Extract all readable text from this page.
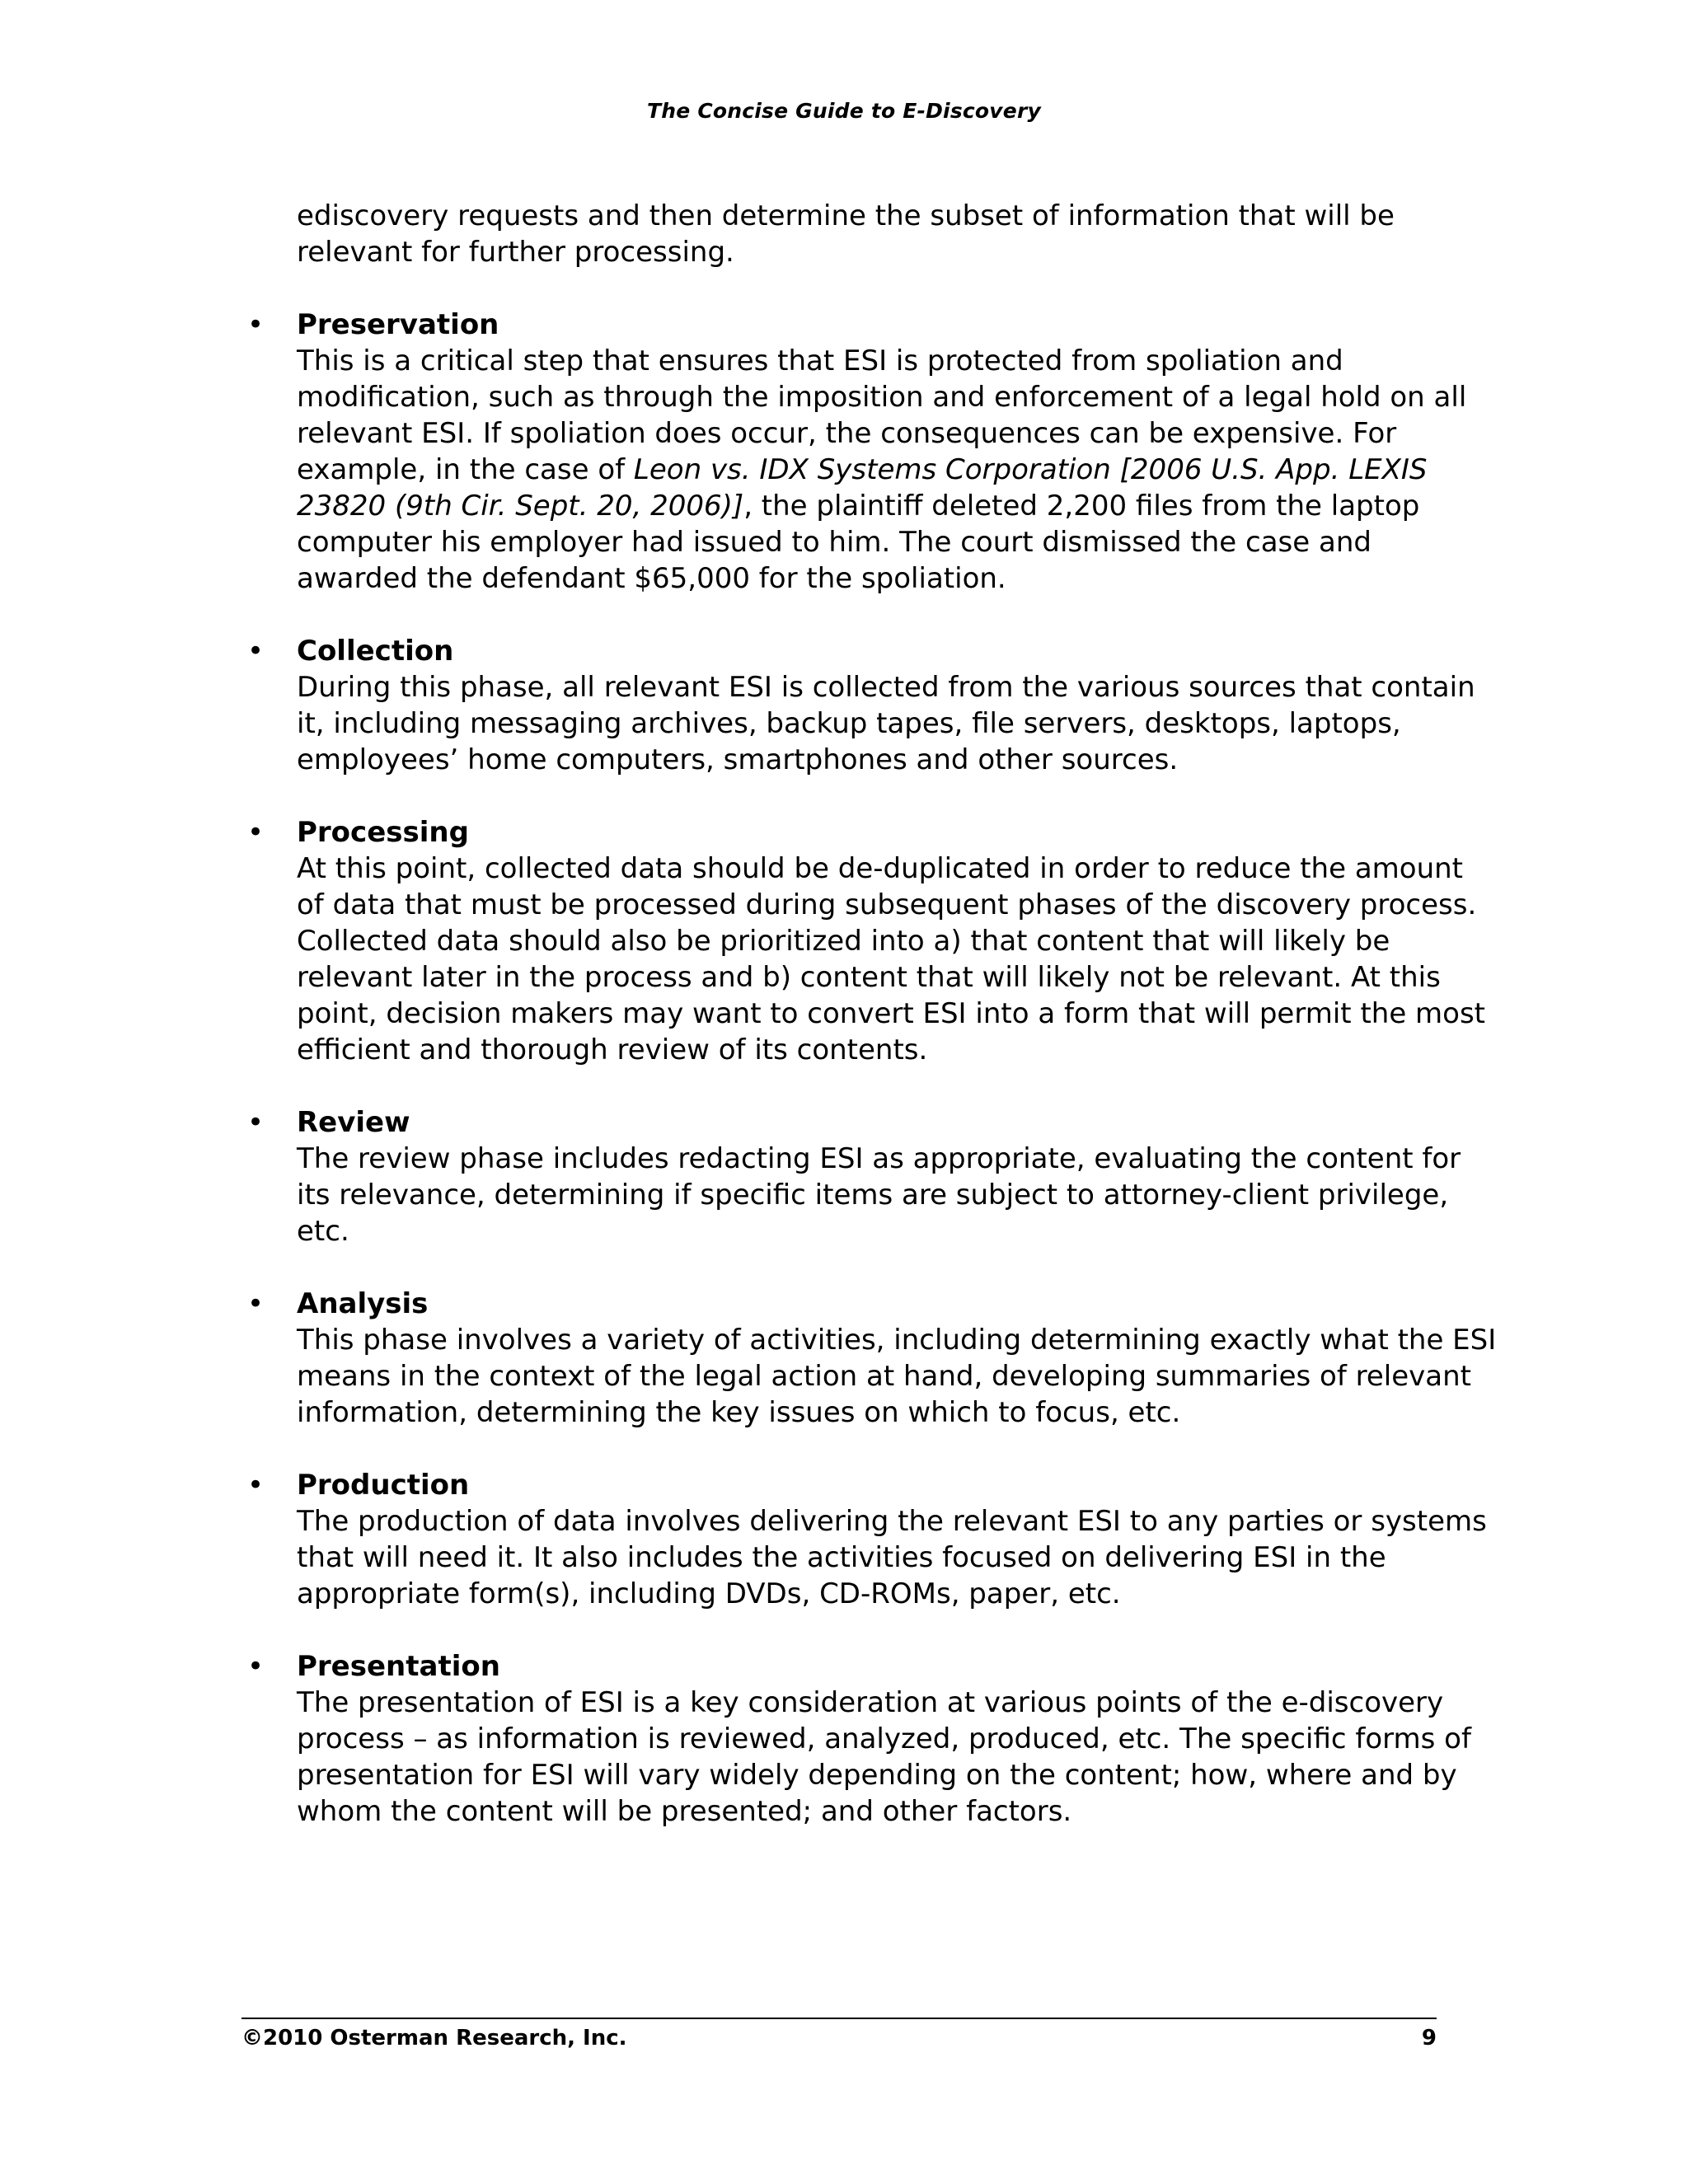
The Concise Guide to E-Discovery
ediscovery requests and then determine the subset of information that will be
relevant for further processing.
• Preservation
This is a critical step that ensures that ESI is protected from spoliation and
modification, such as through the imposition and enforcement of a legal hold on all
relevant ESI. If spoliation does occur, the consequences can be expensive. For
example, in the case of Leon vs. IDX Systems Corporation [2006 U.S. App. LEXIS
23820 (9th Cir. Sept. 20, 2006)], the plaintiff deleted 2,200 files from the laptop
computer his employer had issued to him. The court dismissed the case and
awarded the defendant $65,000 for the spoliation.
• Collection
During this phase, all relevant ESI is collected from the various sources that contain
it, including messaging archives, backup tapes, file servers, desktops, laptops,
employees’ home computers, smartphones and other sources.
• Processing
At this point, collected data should be de-duplicated in order to reduce the amount
of data that must be processed during subsequent phases of the discovery process.
Collected data should also be prioritized into a) that content that will likely be
relevant later in the process and b) content that will likely not be relevant. At this
point, decision makers may want to convert ESI into a form that will permit the most
efficient and thorough review of its contents.
• Review
The review phase includes redacting ESI as appropriate, evaluating the content for
its relevance, determining if specific items are subject to attorney-client privilege,
etc.
• Analysis
This phase involves a variety of activities, including determining exactly what the ESI
means in the context of the legal action at hand, developing summaries of relevant
information, determining the key issues on which to focus, etc.
• Production
The production of data involves delivering the relevant ESI to any parties or systems
that will need it. It also includes the activities focused on delivering ESI in the
appropriate form(s), including DVDs, CD-ROMs, paper, etc.
• Presentation
The presentation of ESI is a key consideration at various points of the e-discovery
process – as information is reviewed, analyzed, produced, etc. The specific forms of
presentation for ESI will vary widely depending on the content; how, where and by
whom the content will be presented; and other factors.
©2010 Osterman Research, Inc.	9
